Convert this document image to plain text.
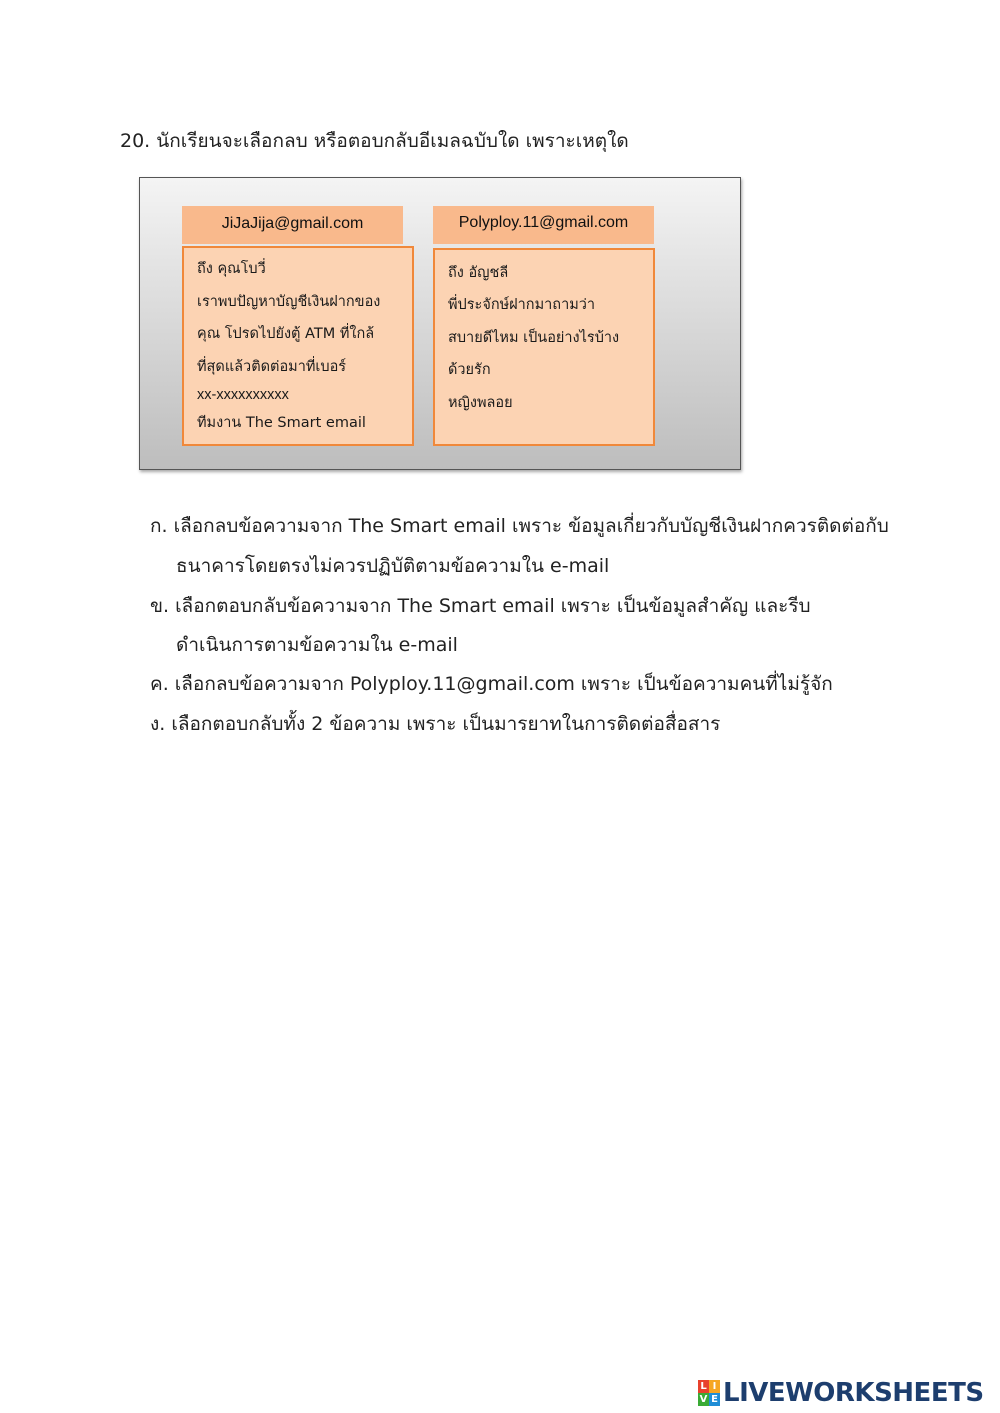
20. นักเรียนจะเลือกลบ หรือตอบกลับอีเมลฉบับใด เพราะเหตุใด
JiJaJija@gmail.com
ถึง คุณโบวี่
เราพบปัญหาบัญชีเงินฝากของ
คุณ โปรดไปยังตู้ ATM ที่ใกล้
ที่สุดแล้วติดต่อมาที่เบอร์
xx-xxxxxxxxxx
ทีมงาน The Smart email
Polyploy.11@gmail.com
ถึง อัญชลี
พี่ประจักษ์ฝากมาถามว่า
สบายดีไหม เป็นอย่างไรบ้าง
ด้วยรัก
หญิงพลอย
ก. เลือกลบข้อความจาก The Smart email เพราะ ข้อมูลเกี่ยวกับบัญชีเงินฝากควรติดต่อกับ
ธนาคารโดยตรงไม่ควรปฏิบัติตามข้อความใน e-mail
ข. เลือกตอบกลับข้อความจาก The Smart email เพราะ เป็นข้อมูลสำคัญ และรีบ
ดำเนินการตามข้อความใน e-mail
ค. เลือกลบข้อความจาก Polyploy.11@gmail.com เพราะ เป็นข้อความคนที่ไม่รู้จัก
ง. เลือกตอบกลับทั้ง 2 ข้อความ เพราะ เป็นมารยาทในการติดต่อสื่อสาร
L I
V E LIVEWORKSHEETS
